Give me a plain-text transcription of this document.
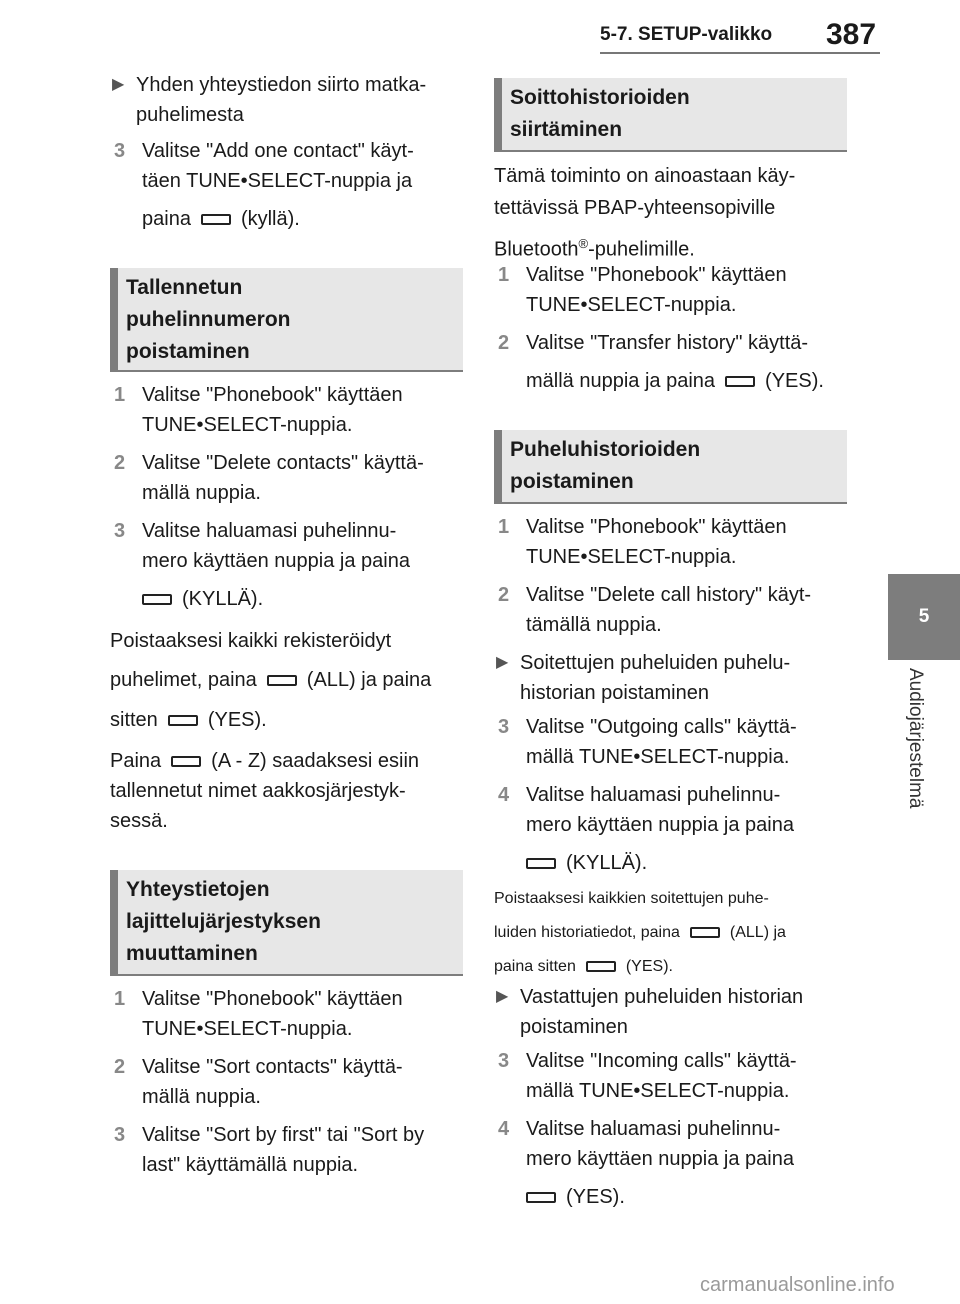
5-7. SETUP-valikko 387
5
Audiojärjestelmä
▶ Yhden yhteystiedon siirto matka-
puhelimesta
3 Valitse "Add one contact" käyt-
täen TUNE•SELECT-nuppia ja
paina	(kyllä).
Tallennetun
puhelinnumeron
poistaminen
1 Valitse "Phonebook" käyttäen
TUNE•SELECT-nuppia.
2 Valitse "Delete contacts" käyttä-
mällä nuppia.
3 Valitse haluamasi puhelinnu-
mero käyttäen nuppia ja paina
(KYLLÄ).
Poistaaksesi kaikki rekisteröidyt
puhelimet, paina	(ALL) ja paina
sitten	(YES).
Paina	(A - Z) saadaksesi esiin
tallennetut nimet aakkosjärjestyk-
sessä.
Yhteystietojen
lajittelujärjestyksen
muuttaminen
1 Valitse "Phonebook" käyttäen
TUNE•SELECT-nuppia.
2 Valitse "Sort contacts" käyttä-
mällä nuppia.
3 Valitse "Sort by first" tai "Sort by
last" käyttämällä nuppia.
Soittohistorioiden
siirtäminen
Tämä toiminto on ainoastaan käy-
tettävissä PBAP-yhteensopiville
Bluetooth®-puhelimille.
1 Valitse "Phonebook" käyttäen
TUNE•SELECT-nuppia.
2 Valitse "Transfer history" käyttä-
mällä nuppia ja paina	(YES).
Puheluhistorioiden
poistaminen
1 Valitse "Phonebook" käyttäen
TUNE•SELECT-nuppia.
2 Valitse "Delete call history" käyt-
tämällä nuppia.
▶ Soitettujen puheluiden puhelu-
historian poistaminen
3 Valitse "Outgoing calls" käyttä-
mällä TUNE•SELECT-nuppia.
4 Valitse haluamasi puhelinnu-
mero käyttäen nuppia ja paina
(KYLLÄ).
Poistaaksesi kaikkien soitettujen puhe-
luiden historiatiedot, paina	(ALL) ja
paina sitten	(YES).
▶ Vastattujen puheluiden historian
poistaminen
3 Valitse "Incoming calls" käyttä-
mällä TUNE•SELECT-nuppia.
4 Valitse haluamasi puhelinnu-
mero käyttäen nuppia ja paina
(YES).
carmanualsonline.info
